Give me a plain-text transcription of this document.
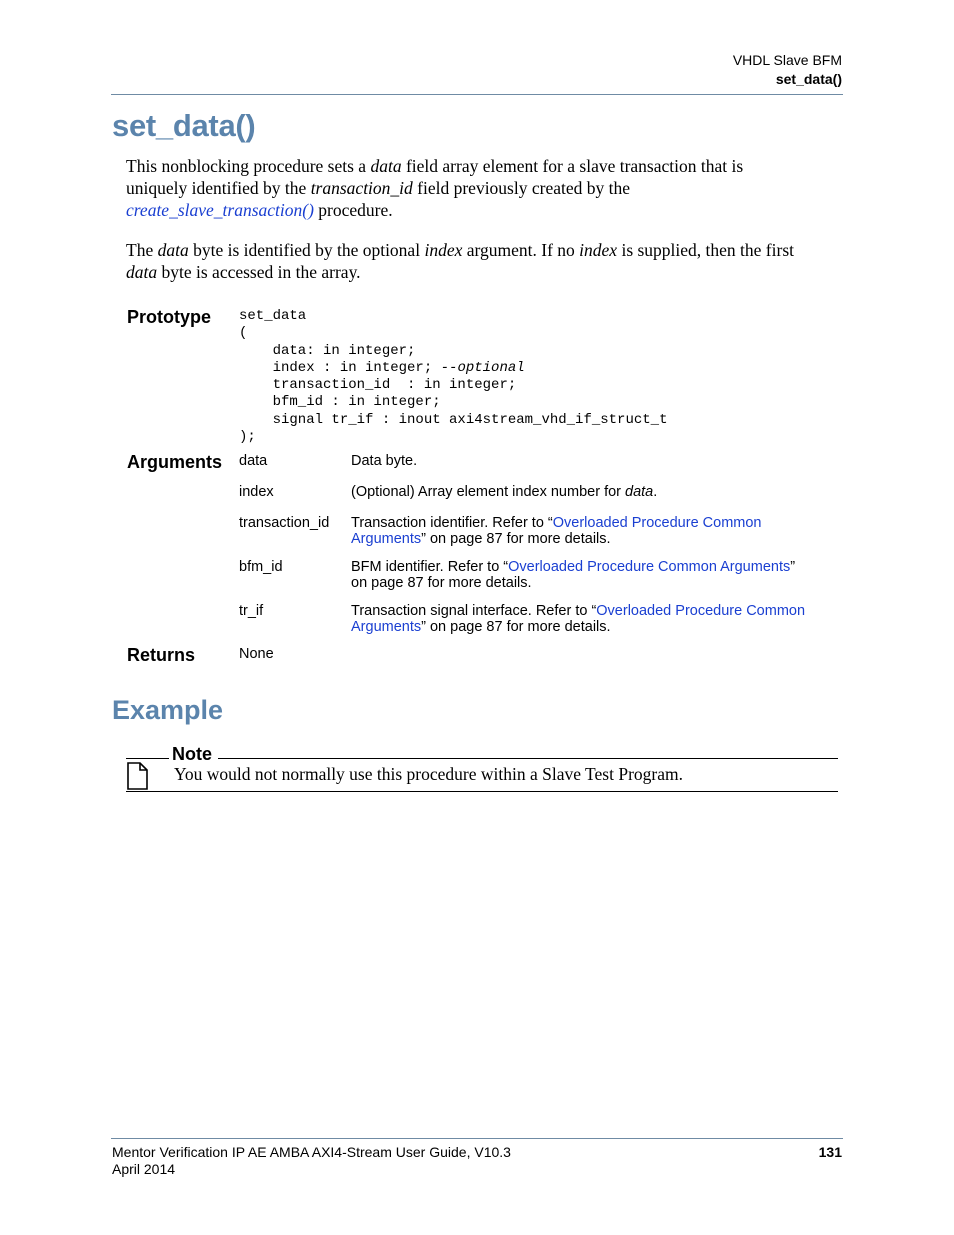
VHDL Slave BFM
set_data()
set_data()
This nonblocking procedure sets a data field array element for a slave transaction that is
uniquely identified by the transaction_id field previously created by the
create_slave_transaction() procedure.
The data byte is identified by the optional index argument. If no index is supplied, then the first
data byte is accessed in the array.
Prototype set_data
(
data: in integer;
index : in integer; --optional
transaction_id  : in integer;
bfm_id : in integer;
signal tr_if : inout axi4stream_vhd_if_struct_t
);
Arguments data	Data byte.
index	(Optional) Array element index number for data.
transaction_id Transaction identifier. Refer to “Overloaded Procedure Common
Arguments” on page 87 for more details.
bfm_id	BFM identifier. Refer to “Overloaded Procedure Common Arguments”
on page 87 for more details.
tr_if	Transaction signal interface. Refer to “Overloaded Procedure Common
Arguments” on page 87 for more details.
Returns	None
Example
Note
You would not normally use this procedure within a Slave Test Program.
Mentor Verification IP AE AMBA AXI4-Stream User Guide, V10.3
April 2014
131
